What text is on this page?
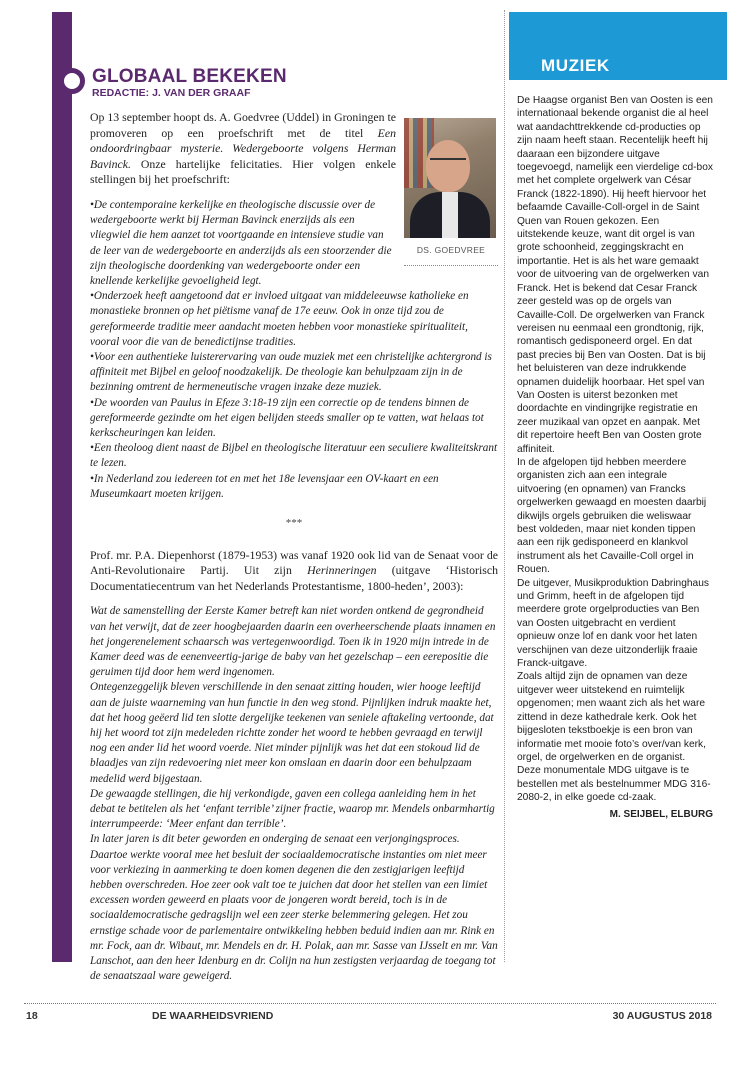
GLOBAAL BEKEKEN
REDACTIE: J. VAN DER GRAAF
DS. GOEDVREE

Op 13 september hoopt ds. A. Goedvree (Uddel) in Groningen te promoveren op een proefschrift met de titel Een ondoordringbaar mysterie. Wedergeboorte volgens Herman Bavinck. Onze hartelijke felicitaties. Hier volgen enkele stellingen bij het proefschrift:

•De contemporaine kerkelijke en theologische discussie over de wedergeboorte werkt bij Herman Bavinck enerzijds als een vliegwiel die hem aanzet tot voortgaande en intensieve studie van de leer van de wedergeboorte en anderzijds als een stoorzender die zijn theologische doordenking van wedergeboorte onder een knellende kerkelijke gevoeligheid legt.
•Onderzoek heeft aangetoond dat er invloed uitgaat van middeleeuwse katholieke en monastieke bronnen op het piëtisme vanaf de 17e eeuw. Ook in onze tijd zou de gereformeerde traditie meer aandacht moeten hebben voor monastieke spiritualiteit, vooral voor die van de benedictijnse tradities.
•Voor een authentieke luisterervaring van oude muziek met een christelijke achtergrond is affiniteit met Bijbel en geloof noodzakelijk. De theologie kan behulpzaam zijn in de bezinning omtrent de hermeneutische vragen inzake deze muziek.
•De woorden van Paulus in Efeze 3:18-19 zijn een correctie op de tendens binnen de gereformeerde gezindte om het eigen belijden steeds smaller op te vatten, wat helaas tot kerkscheuringen kan leiden.
•Een theoloog dient naast de Bijbel en theologische literatuur een seculiere kwaliteitskrant te lezen.
•In Nederland zou iedereen tot en met het 18e levensjaar een OV-kaart en een Museumkaart moeten krijgen.
***

Prof. mr. P.A. Diepenhorst (1879-1953) was vanaf 1920 ook lid van de Senaat voor de Anti-Revolutionaire Partij. Uit zijn Herinneringen (uitgave ‘Historisch Documentatiecentrum van het Nederlands Protestantisme, 1800-heden’, 2003):

Wat de samenstelling der Eerste Kamer betreft kan niet worden ontkend de gegrondheid van het verwijt, dat de zeer hoogbejaarden daarin een overheerschende plaats innamen en het jongerenelement schaarsch was vertegenwoordigd. Toen ik in 1920 mijn intrede in de Kamer deed was de eenenveertig-jarige de baby van het gezelschap – een eerepositie die geruimen tijd door hem werd ingenomen.

Ontegenzeggelijk bleven verschillende in den senaat zitting houden, wier hooge leeftijd aan de juiste waarneming van hun functie in den weg stond. Pijnlijken indruk maakte het, dat het hoog geëerd lid ten slotte dergelijke teekenen van seniele aftakeling vertoonde, dat hij het woord tot zijn medeleden richtte zonder het woord te hebben gevraagd en terwijl nog een ander lid het woord voerde. Niet minder pijnlijk was het dat een stokoud lid de blaadjes van zijn redevoering niet meer kon omslaan en daarin door een behulpzaam medelid werd bijgestaan.

De gewaagde stellingen, die hij verkondigde, gaven een collega aanleiding hem in het debat te betitelen als het ‘enfant terrible’ zijner fractie, waarop mr. Mendels onbarmhartig interrumpeerde: ‘Meer enfant dan terrible’.

In later jaren is dit beter geworden en onderging de senaat een verjongingsproces. Daartoe werkte vooral mee het besluit der sociaaldemocratische instanties om niet meer voor verkiezing in aanmerking te doen komen degenen die den zestigjarigen leeftijd hebben overschreden. Hoe zeer ook valt toe te juichen dat door het stellen van een limiet excessen worden geweerd en plaats voor de jongeren wordt bereid, toch is in de sociaaldemocratische gedragslijn wel een zeer sterke belemmering gelegen. Het zou ernstige schade voor de parlementaire ontwikkeling hebben beduid indien aan mr. Rink en mr. Fock, aan dr. Wibaut, mr. Mendels en dr. H. Polak, aan mr. Sasse van IJsselt en mr. Van Lanschot, aan den heer Idenburg en dr. Colijn na hun zestigsten verjaardag de toegang tot de senaatszaal ware geweigerd.

MUZIEK

De Haagse organist Ben van Oosten is een internationaal bekende organist die al heel wat aandachttrekkende cd-producties op zijn naam heeft staan. Recentelijk heeft hij daaraan een bijzondere uitgave toegevoegd, namelijk een vierdelige cd-box met het complete orgelwerk van César Franck (1822-1890). Hij heeft hiervoor het befaamde Cavaille-Coll-orgel in de Saint Quen van Rouen gekozen. Een uitstekende keuze, want dit orgel is van grote schoonheid, zeggingskracht en importantie. Het is als het ware gemaakt voor de uitvoering van de orgelwerken van Franck. Het is bekend dat Cesar Franck zeer gesteld was op de orgels van Cavaille-Coll. De orgelwerken van Franck vereisen nu eenmaal een grondtonig, rijk, romantisch gedisponeerd orgel. En dat past precies bij Ben van Oosten. Dat is bij het beluisteren van deze indrukkende opnamen duidelijk hoorbaar. Het spel van Van Oosten is uiterst bezonken met doordachte en vindingrijke registratie en zeer muzikaal van opzet en aanpak. Met dit repertoire heeft Ben van Oosten grote affiniteit.

In de afgelopen tijd hebben meerdere organisten zich aan een integrale uitvoering (en opnamen) van Francks orgelwerken gewaagd en moesten daarbij dikwijls orgels gebruiken die weliswaar best voldeden, maar niet konden tippen aan een rijk gedisponeerd en klankvol instrument als het Cavaille-Coll orgel in Rouen.

De uitgever, Musikproduktion Dabringhaus und Grimm, heeft in de afgelopen tijd meerdere grote orgelproducties van Ben van Oosten uitgebracht en verdient opnieuw onze lof en dank voor het laten verschijnen van deze uitzonderlijk fraaie Franck-uitgave.

Zoals altijd zijn de opnamen van deze uitgever weer uitstekend en ruimtelijk opgenomen; men waant zich als het ware zittend in deze kathedrale kerk. Ook het bijgesloten tekstboekje is een bron van informatie met mooie foto’s over/van kerk, orgel, de orgelwerken en de organist.

Deze monumentale MDG uitgave is te bestellen met als bestelnummer MDG 316-2080-2, in elke goede cd-zaak.

M. SEIJBEL, ELBURG

18	DE WAARHEIDSVRIEND	30 AUGUSTUS 2018
